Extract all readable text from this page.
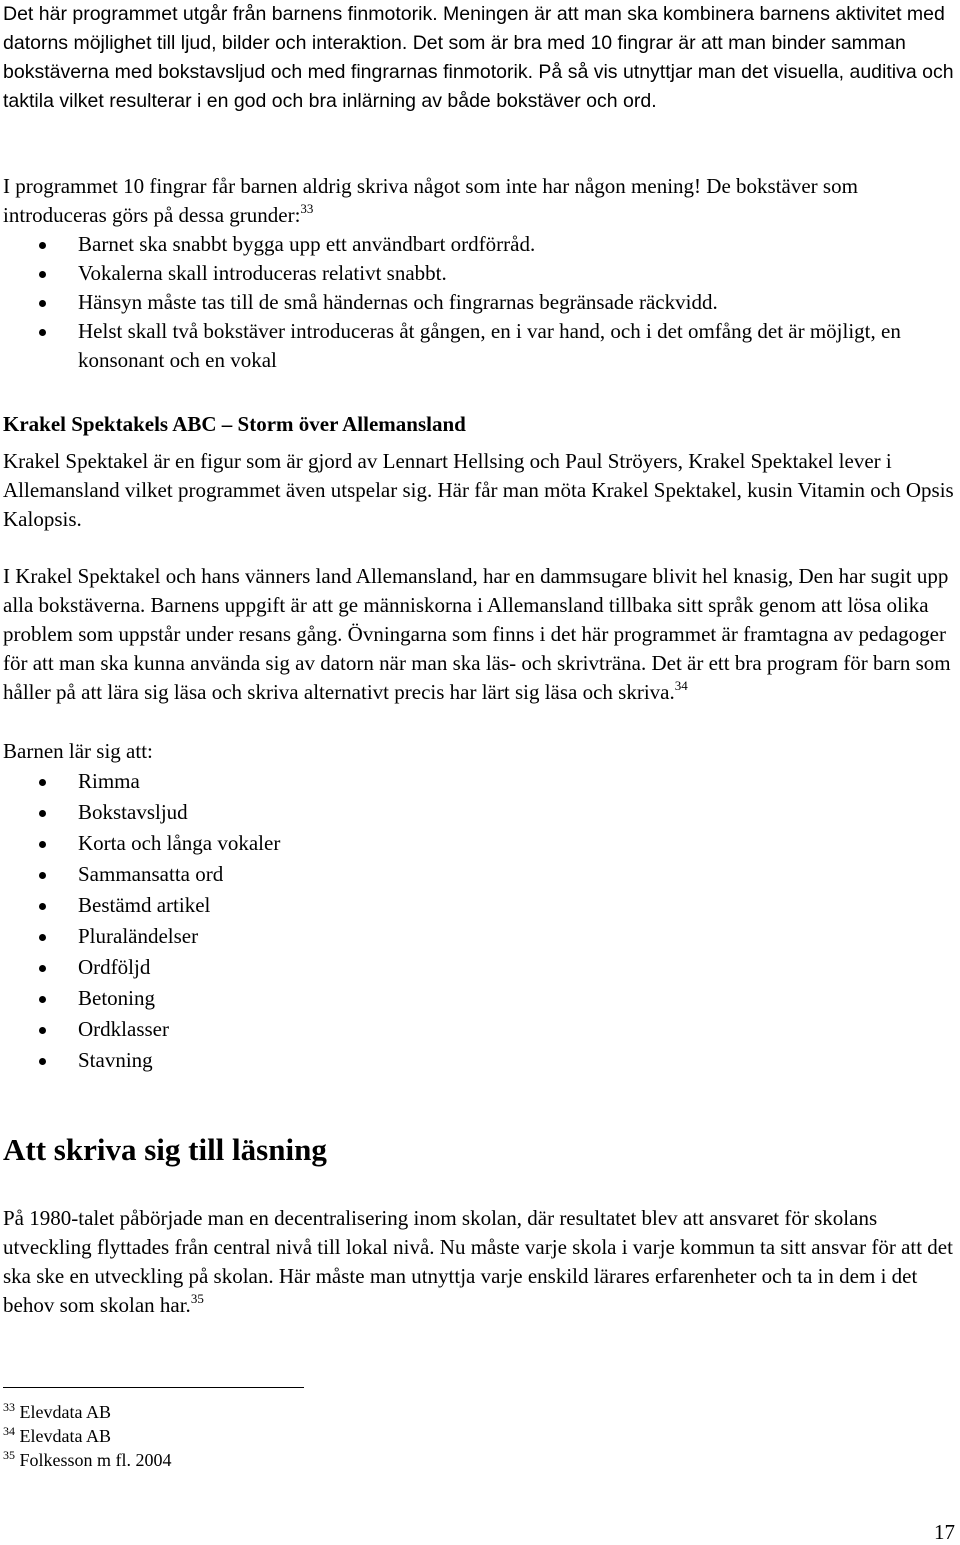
Det här programmet utgår från barnens finmotorik. Meningen är att man ska kombinera barnens aktivitet med datorns möjlighet till ljud, bilder och interaktion. Det som är bra med 10 fingrar är att man binder samman bokstäverna med bokstavsljud och med fingrarnas finmotorik. På så vis utnyttjar man det visuella, auditiva och taktila vilket resulterar i en god och bra inlärning av både bokstäver och ord.

I programmet 10 fingrar får barnen aldrig skriva något som inte har någon mening! De bokstäver som introduceras görs på dessa grunder:$^{33}$

Barnet ska snabbt bygga upp ett användbart ordförråd.
Vokalerna skall introduceras relativt snabbt.
Hänsyn måste tas till de små händernas och fingrarnas begränsade räckvidd.
Helst skall två bokstäver introduceras åt gången, en i var hand, och i det omfång det är möjligt, en konsonant och en vokal
Krakel Spektakels ABC – Storm över Allemansland

Krakel Spektakel är en figur som är gjord av Lennart Hellsing och Paul Ströyers, Krakel Spektakel lever i Allemansland vilket programmet även utspelar sig. Här får man möta Krakel Spektakel, kusin Vitamin och Opsis Kalopsis.

I Krakel Spektakel och hans vänners land Allemansland, har en dammsugare blivit hel knasig, Den har sugit upp alla bokstäverna. Barnens uppgift är att ge människorna i Allemansland tillbaka sitt språk genom att lösa olika problem som uppstår under resans gång. Övningarna som finns i det här programmet är framtagna av pedagoger för att man ska kunna använda sig av datorn när man ska läs- och skrivträna. Det är ett bra program för barn som håller på att lära sig läsa och skriva alternativt precis har lärt sig läsa och skriva.$^{34}$

Barnen lär sig att:

Rimma
Bokstavsljud
Korta och långa vokaler
Sammansatta ord
Bestämd artikel
Pluraländelser
Ordföljd
Betoning
Ordklasser
Stavning
Att skriva sig till läsning

På 1980-talet påbörjade man en decentralisering inom skolan, där resultatet blev att ansvaret för skolans utveckling flyttades från central nivå till lokal nivå. Nu måste varje skola i varje kommun ta sitt ansvar för att det ska ske en utveckling på skolan. Här måste man utnyttja varje enskild lärares erfarenheter och ta in dem i det behov som skolan har.$^{35}$

$^{33}$ Elevdata AB
$^{34}$ Elevdata AB
$^{35}$ Folkesson m fl. 2004
17
